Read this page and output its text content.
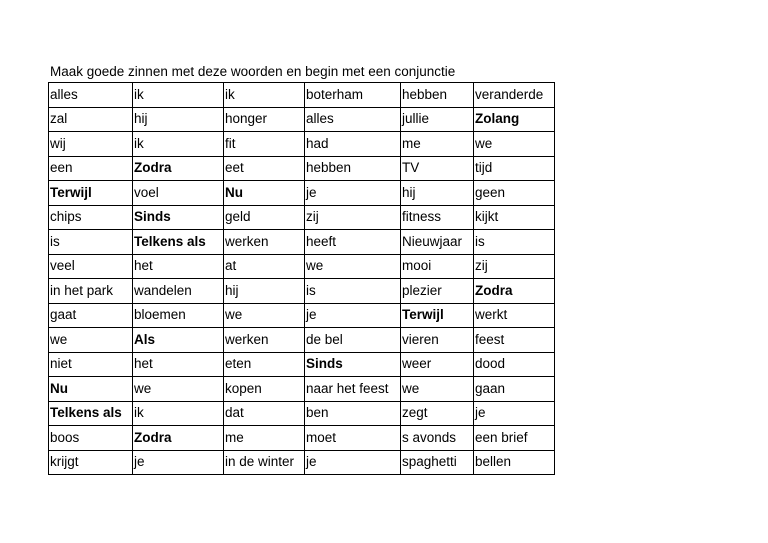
Maak goede zinnen met deze woorden en begin met een conjunctie
alles	ik	ik	boterham	hebben	veranderde
zal	hij	honger	alles	jullie	Zolang
wij	ik	fit	had	me	we
een	Zodra	eet	hebben	TV	tijd
Terwijl	voel	Nu	je	hij	geen
chips	Sinds	geld	zij	fitness	kijkt
is	Telkens als	werken	heeft	Nieuwjaar	is
veel	het	at	we	mooi	zij
in het park	wandelen	hij	is	plezier	Zodra
gaat	bloemen	we	je	Terwijl	werkt
we	Als	werken	de bel	vieren	feest
niet	het	eten	Sinds	weer	dood
Nu	we	kopen	naar het feest	we	gaan
Telkens als	ik	dat	ben	zegt	je
boos	Zodra	me	moet	s avonds	een brief
krijgt	je	in de winter	je	spaghetti	bellen
